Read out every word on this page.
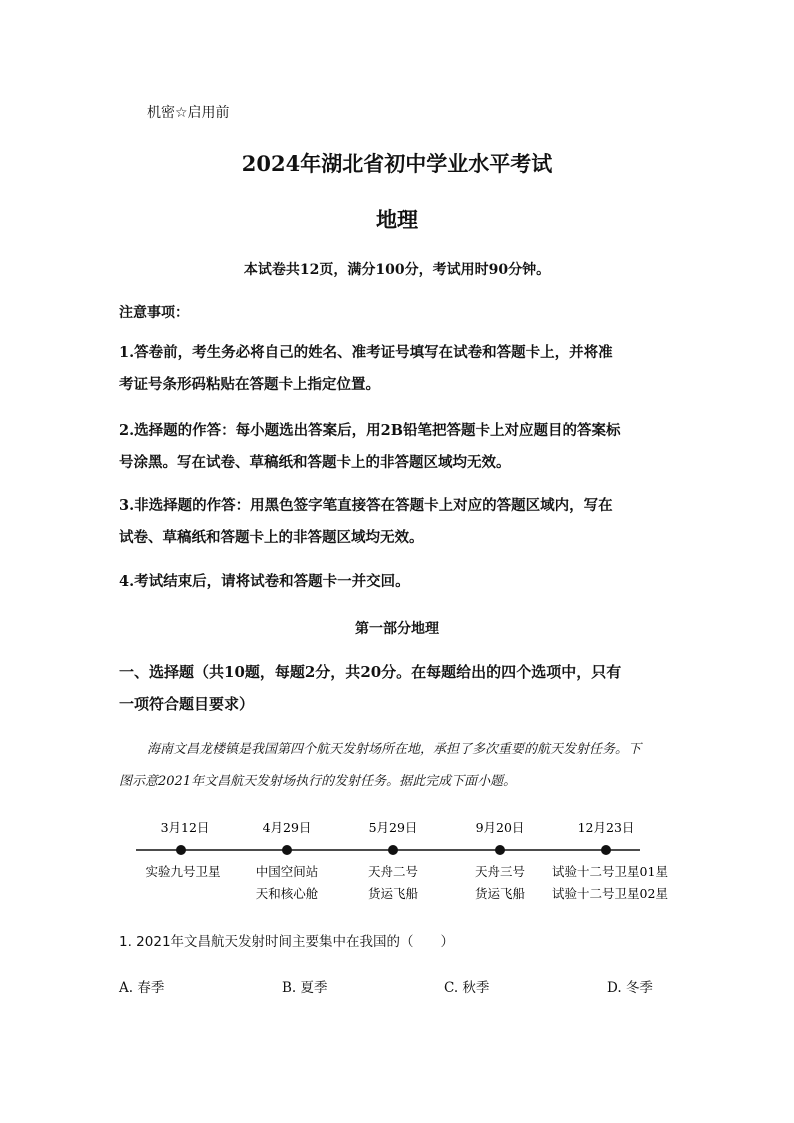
机密☆启用前
2024年湖北省初中学业水平考试
地理
本试卷共12页，满分100分，考试用时90分钟。
注意事项：
1.答卷前，考生务必将自己的姓名、准考证号填写在试卷和答题卡上，并将准
考证号条形码粘贴在答题卡上指定位置。
2.选择题的作答：每小题选出答案后，用2B铅笔把答题卡上对应题目的答案标
号涂黑。写在试卷、草稿纸和答题卡上的非答题区域均无效。
3.非选择题的作答：用黑色签字笔直接答在答题卡上对应的答题区域内，写在
试卷、草稿纸和答题卡上的非答题区域均无效。
4.考试结束后，请将试卷和答题卡一并交回。
第一部分地理
一、选择题（共10题，每题2分，共20分。在每题给出的四个选项中，只有
一项符合题目要求）
海南文昌龙楼镇是我国第四个航天发射场所在地，承担了多次重要的航天发射任务。下
图示意2021年文昌航天发射场执行的发射任务。据此完成下面小题。
3月12日
实验九号卫星
4月29日
中国空间站
天和核心舱
5月29日
天舟二号
货运飞船
9月20日
天舟三号
货运飞船
12月23日
试验十二号卫星01星
试验十二号卫星02星
1. 2021年文昌航天发射时间主要集中在我国的（　　）
A. 春季	B. 夏季	C. 秋季	D. 冬季
